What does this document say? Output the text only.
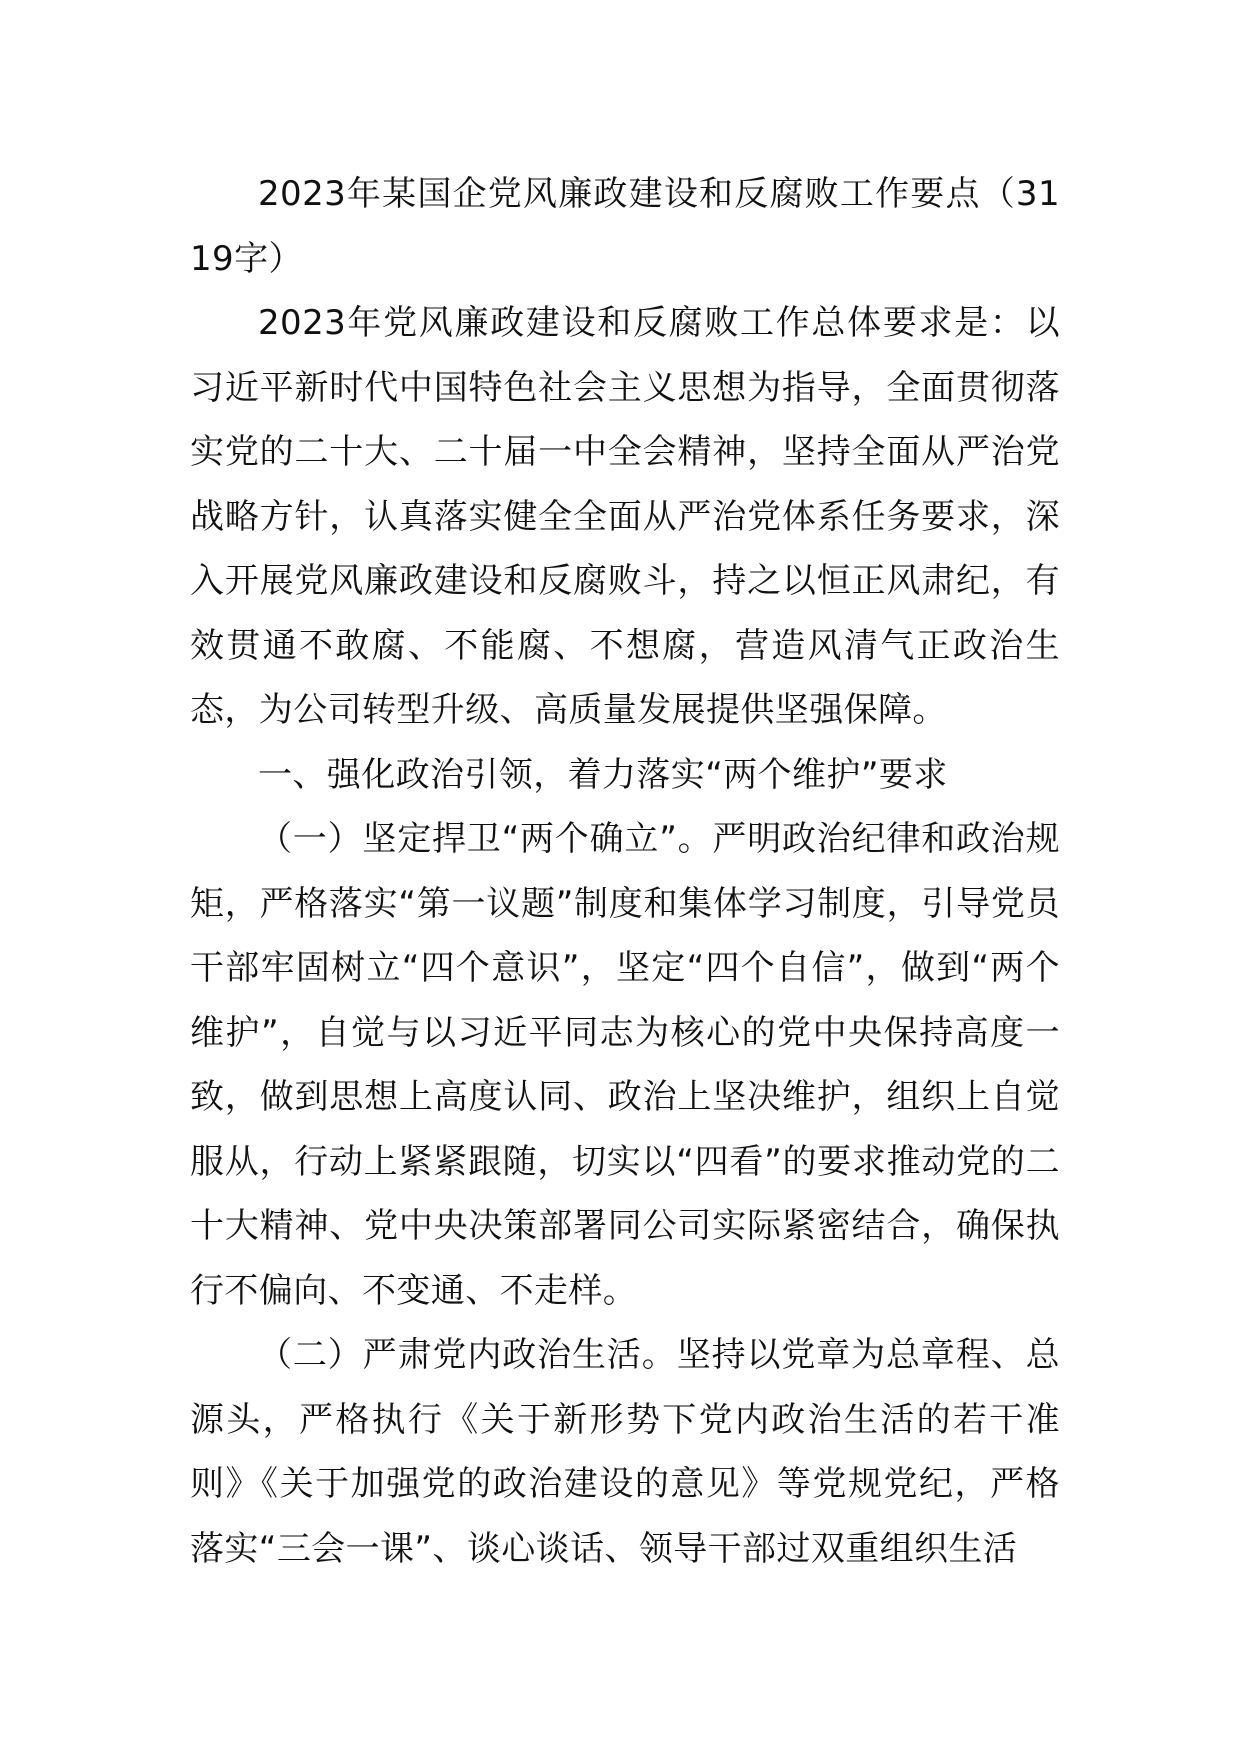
2023年某国企党风廉政建设和反腐败工作要点（3119字）

2023年党风廉政建设和反腐败工作总体要求是：以习近平新时代中国特色社会主义思想为指导，全面贯彻落实党的二十大、二十届一中全会精神，坚持全面从严治党战略方针，认真落实健全全面从严治党体系任务要求，深入开展党风廉政建设和反腐败斗，持之以恒正风肃纪，有效贯通不敢腐、不能腐、不想腐，营造风清气正政治生态，为公司转型升级、高质量发展提供坚强保障。

一、强化政治引领，着力落实“两个维护”要求

（一）坚定捍卫“两个确立”。严明政治纪律和政治规矩，严格落实“第一议题”制度和集体学习制度，引导党员干部牢固树立“四个意识”，坚定“四个自信”，做到“两个维护”，自觉与以习近平同志为核心的党中央保持高度一致，做到思想上高度认同、政治上坚决维护，组织上自觉服从，行动上紧紧跟随，切实以“四看”的要求推动党的二十大精神、党中央决策部署同公司实际紧密结合，确保执行不偏向、不变通、不走样。

（二）严肃党内政治生活。坚持以党章为总章程、总源头，严格执行《关于新形势下党内政治生活的若干准则》《关于加强党的政治建设的意见》等党规党纪，严格落实“三会一课”、谈心谈话、领导干部过双重组织生活
